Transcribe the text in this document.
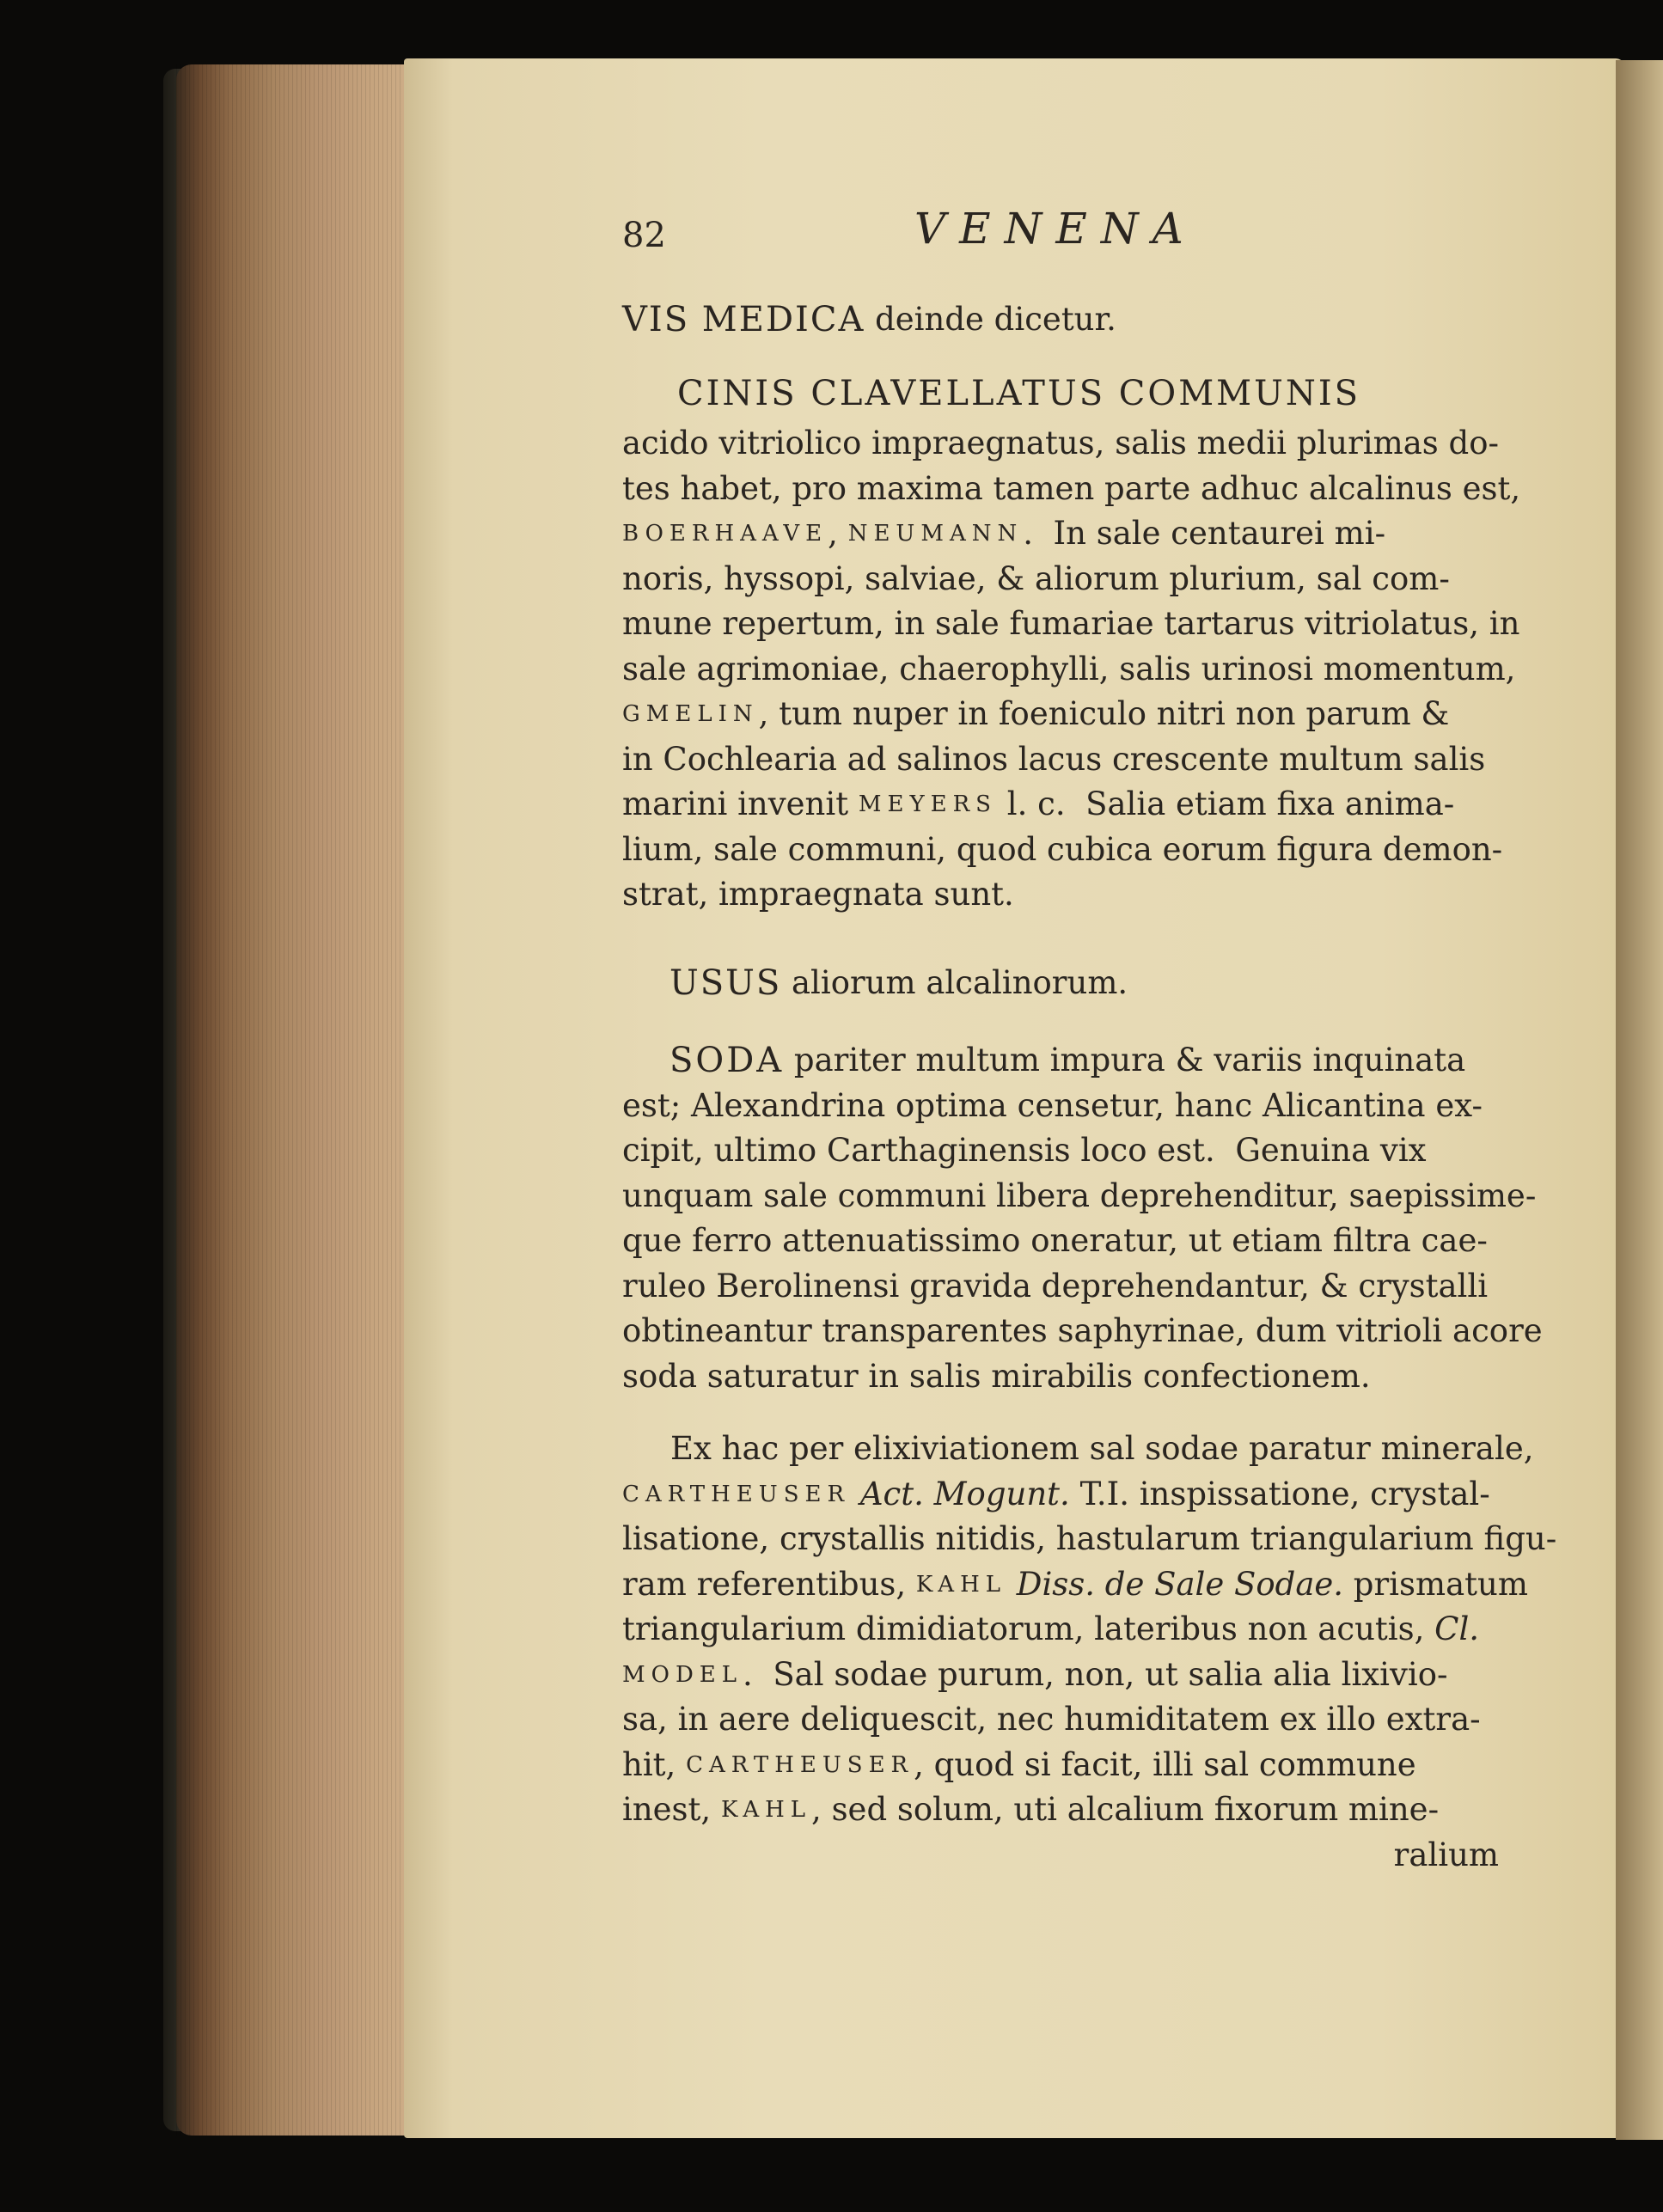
82	VENENA
VIS MEDICA deinde dicetur.
CINIS CLAVELLATUS COMMUNIS
acido vitriolico impraegnatus, salis medii plurimas do-
tes habet, pro maxima tamen parte adhuc alcalinus est,
BOERHAAVE , NEUMANN .  In sale centaurei mi-
noris, hyssopi, salviae, & aliorum plurium, sal com-
mune repertum, in sale fumariae tartarus vitriolatus, in
sale agrimoniae, chaerophylli, salis urinosi momentum,
GMELIN , tum nuper in foeniculo nitri non parum &
in Cochlearia ad salinos lacus crescente multum salis
marini invenit MEYERS l. c.  Salia etiam fixa anima-
lium, sale communi, quod cubica eorum figura demon-
strat, impraegnata sunt.
USUS aliorum alcalinorum.
SODA pariter multum impura & variis inquinata
est; Alexandrina optima censetur, hanc Alicantina ex-
cipit, ultimo Carthaginensis loco est.  Genuina vix
unquam sale communi libera deprehenditur, saepissime-
que ferro attenuatissimo oneratur, ut etiam filtra cae-
ruleo Berolinensi gravida deprehendantur, & crystalli
obtineantur transparentes saphyrinae, dum vitrioli acore
soda saturatur in salis mirabilis confectionem.
Ex hac per elixiviationem sal sodae paratur minerale,
CARTHEUSER Act. Mogunt. T.I. inspissatione, crystal-
lisatione, crystallis nitidis, hastularum triangularium figu-
ram referentibus, KAHL Diss. de Sale Sodae. prismatum
triangularium dimidiatorum, lateribus non acutis, Cl.
MODEL .  Sal sodae purum, non, ut salia alia lixivio-
sa, in aere deliquescit, nec humiditatem ex illo extra-
hit, CARTHEUSER , quod si facit, illi sal commune
inest, KAHL , sed solum, uti alcalium fixorum mine-
ralium
